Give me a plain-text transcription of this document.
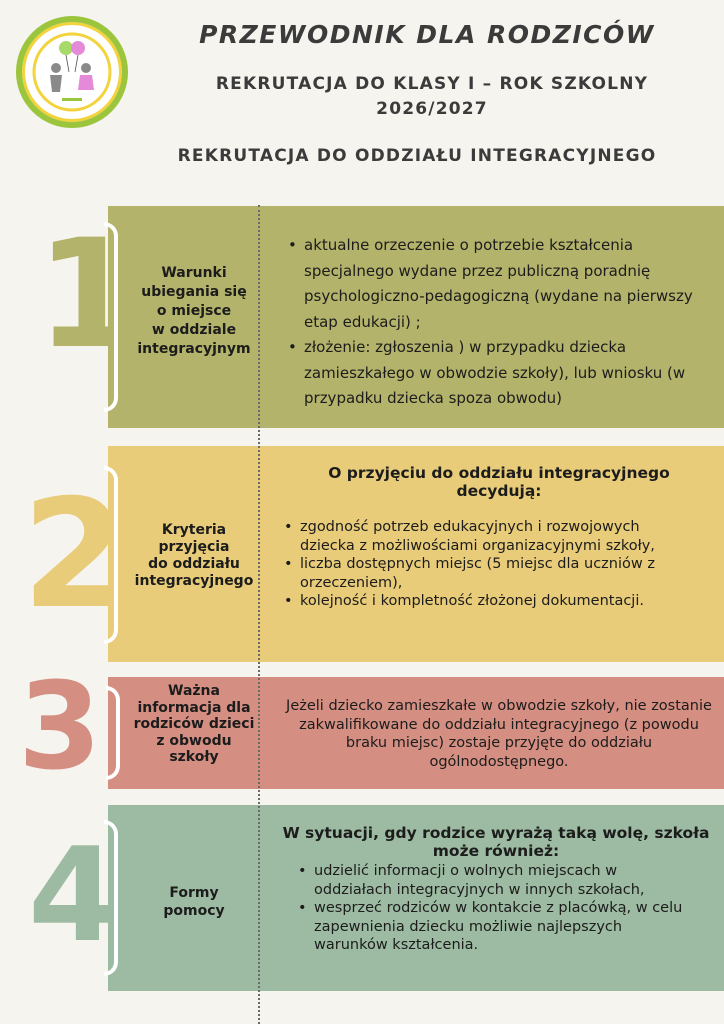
PRZEWODNIK DLA RODZICÓW
REKRUTACJA DO KLASY I – ROK SZKOLNY
2026/2027
REKRUTACJA DO ODDZIAŁU INTEGRACYJNEGO
1	Warunki
ubiegania się
o miejsce
w oddziale
integracyjnym
• aktualne orzeczenie o potrzebie kształcenia specjalnego wydane przez publiczną poradnię psychologiczno-pedagogiczną (wydane na pierwszy etap edukacji) ;
• złożenie: zgłoszenia ) w przypadku dziecka zamieszkałego w obwodzie szkoły), lub wniosku (w przypadku dziecka spoza obwodu)
2	Kryteria
przyjęcia
do oddziału
integracyjnego
O przyjęciu do oddziału integracyjnego decydują:
• zgodność potrzeb edukacyjnych i rozwojowych dziecka z możliwościami organizacyjnymi szkoły,
• liczba dostępnych miejsc (5 miejsc dla uczniów z orzeczeniem),
• kolejność i kompletność złożonej dokumentacji.
3	Ważna
informacja dla
rodziców dzieci
z obwodu
szkoły
Jeżeli dziecko zamieszkałe w obwodzie szkoły, nie zostanie zakwalifikowane do oddziału integracyjnego (z powodu braku miejsc) zostaje przyjęte do oddziału ogólnodostępnego.
4	Formy
pomocy
W sytuacji, gdy rodzice wyrażą taką wolę, szkoła może również:
• udzielić informacji o wolnych miejscach w oddziałach integracyjnych w innych szkołach,
• wesprzeć rodziców w kontakcie z placówką, w celu zapewnienia dziecku możliwie najlepszych warunków kształcenia.
